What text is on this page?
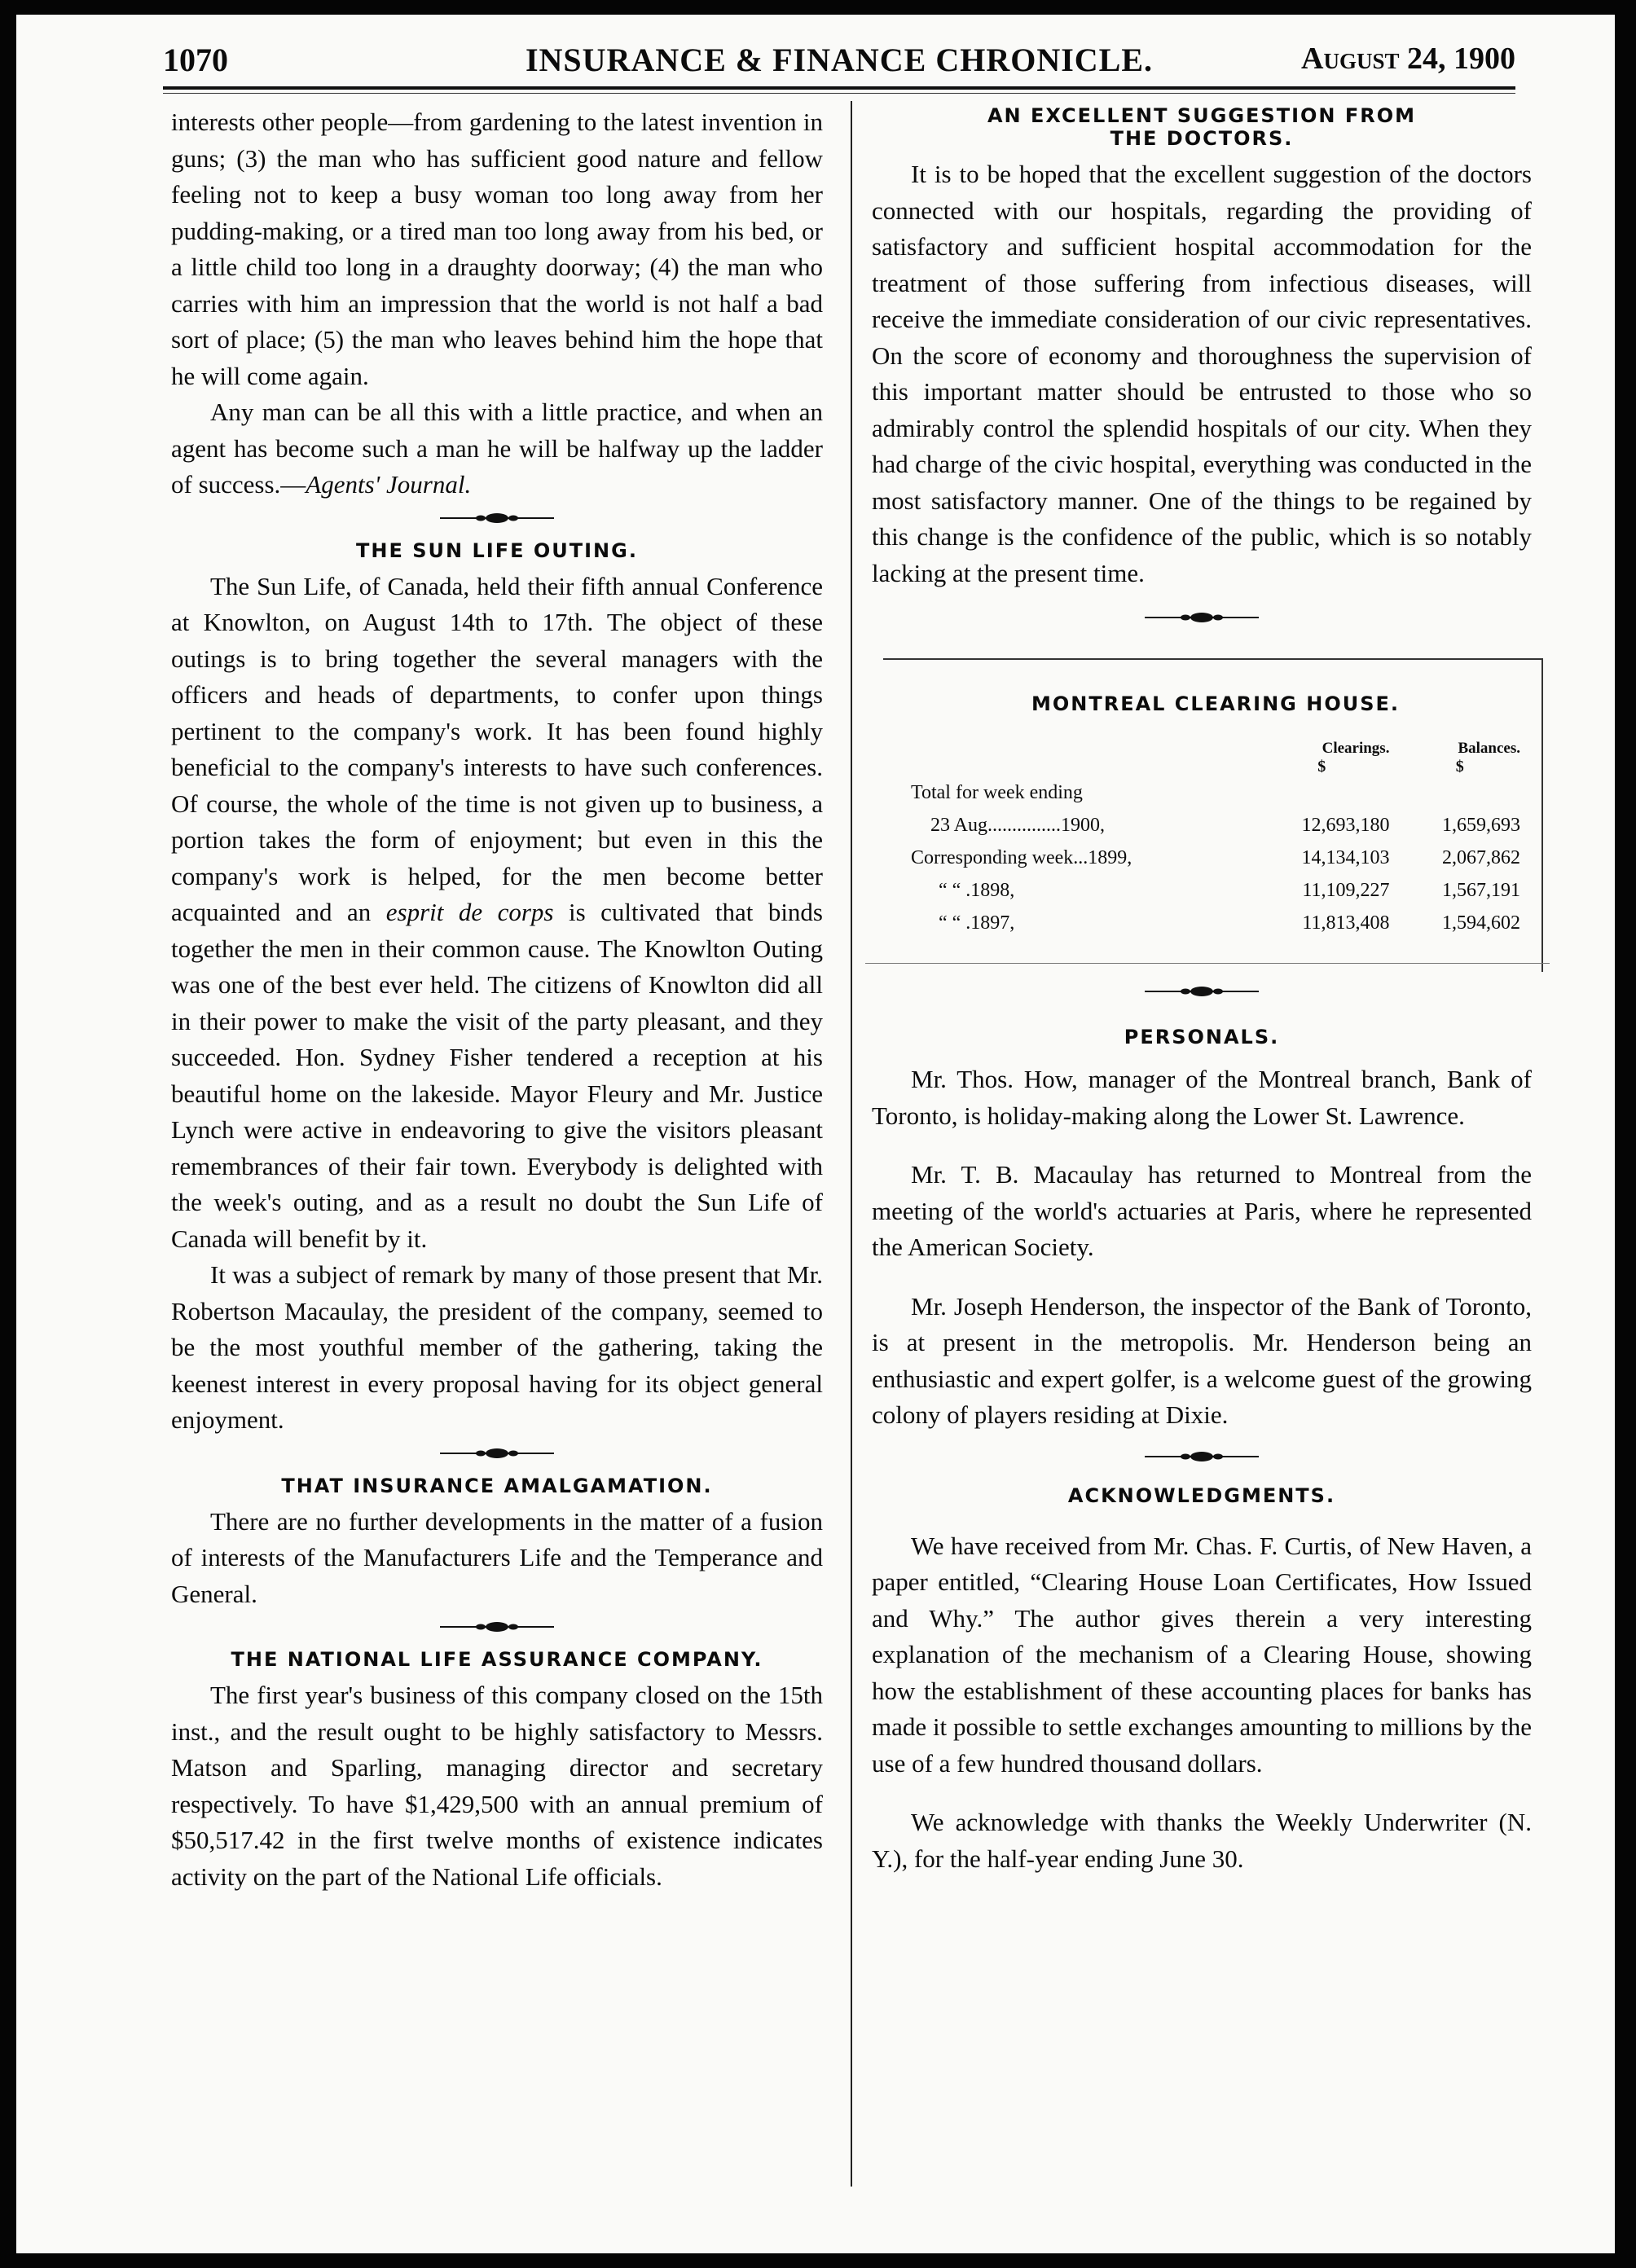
1070	INSURANCE & FINANCE CHRONICLE.	August 24, 1900

interests other people—from gardening to the latest invention in guns; (3) the man who has sufficient good nature and fellow feeling not to keep a busy woman too long away from her pudding-making, or a tired man too long away from his bed, or a little child too long in a draughty doorway; (4) the man who carries with him an impression that the world is not half a bad sort of place; (5) the man who leaves behind him the hope that he will come again.

Any man can be all this with a little practice, and when an agent has become such a man he will be halfway up the ladder of success.—Agents' Journal.

THE SUN LIFE OUTING.

The Sun Life, of Canada, held their fifth annual Conference at Knowlton, on August 14th to 17th. The object of these outings is to bring together the several managers with the officers and heads of departments, to confer upon things pertinent to the company's work. It has been found highly beneficial to the company's interests to have such conferences. Of course, the whole of the time is not given up to business, a portion takes the form of enjoyment; but even in this the company's work is helped, for the men become better acquainted and an esprit de corps is cultivated that binds together the men in their common cause. The Knowlton Outing was one of the best ever held. The citizens of Knowlton did all in their power to make the visit of the party pleasant, and they succeeded. Hon. Sydney Fisher tendered a reception at his beautiful home on the lakeside. Mayor Fleury and Mr. Justice Lynch were active in endeavoring to give the visitors pleasant remembrances of their fair town. Everybody is delighted with the week's outing, and as a result no doubt the Sun Life of Canada will benefit by it.

It was a subject of remark by many of those present that Mr. Robertson Macaulay, the president of the company, seemed to be the most youthful member of the gathering, taking the keenest interest in every proposal having for its object general enjoyment.

THAT INSURANCE AMALGAMATION.

There are no further developments in the matter of a fusion of interests of the Manufacturers Life and the Temperance and General.

THE NATIONAL LIFE ASSURANCE COMPANY.

The first year's business of this company closed on the 15th inst., and the result ought to be highly satisfactory to Messrs. Matson and Sparling, managing director and secretary respectively. To have $1,429,500 with an annual premium of $50,517.42 in the first twelve months of existence indicates activity on the part of the National Life officials.

AN EXCELLENT SUGGESTION FROM
THE DOCTORS.

It is to be hoped that the excellent suggestion of the doctors connected with our hospitals, regarding the providing of satisfactory and sufficient hospital accommodation for the treatment of those suffering from infectious diseases, will receive the immediate consideration of our civic representatives. On the score of economy and thoroughness the supervision of this important matter should be entrusted to those who so admirably control the splendid hospitals of our city. When they had charge of the civic hospital, everything was conducted in the most satisfactory manner. One of the things to be regained by this change is the confidence of the public, which is so notably lacking at the present time.

MONTREAL CLEARING HOUSE.
	Clearings.	Balances.
	$	$
Total for week ending		
23 Aug...............1900,	12,693,180	1,659,693
Corresponding week...1899,	14,134,103	2,067,862
“ “ .1898,	11,109,227	1,567,191
“ “ .1897,	11,813,408	1,594,602
PERSONALS.

Mr. Thos. How, manager of the Montreal branch, Bank of Toronto, is holiday-making along the Lower St. Lawrence.

Mr. T. B. Macaulay has returned to Montreal from the meeting of the world's actuaries at Paris, where he represented the American Society.

Mr. Joseph Henderson, the inspector of the Bank of Toronto, is at present in the metropolis. Mr. Henderson being an enthusiastic and expert golfer, is a welcome guest of the growing colony of players residing at Dixie.

ACKNOWLEDGMENTS.

We have received from Mr. Chas. F. Curtis, of New Haven, a paper entitled, “Clearing House Loan Certificates, How Issued and Why.” The author gives therein a very interesting explanation of the mechanism of a Clearing House, showing how the establishment of these accounting places for banks has made it possible to settle exchanges amounting to millions by the use of a few hundred thousand dollars.

We acknowledge with thanks the Weekly Underwriter (N. Y.), for the half-year ending June 30.
